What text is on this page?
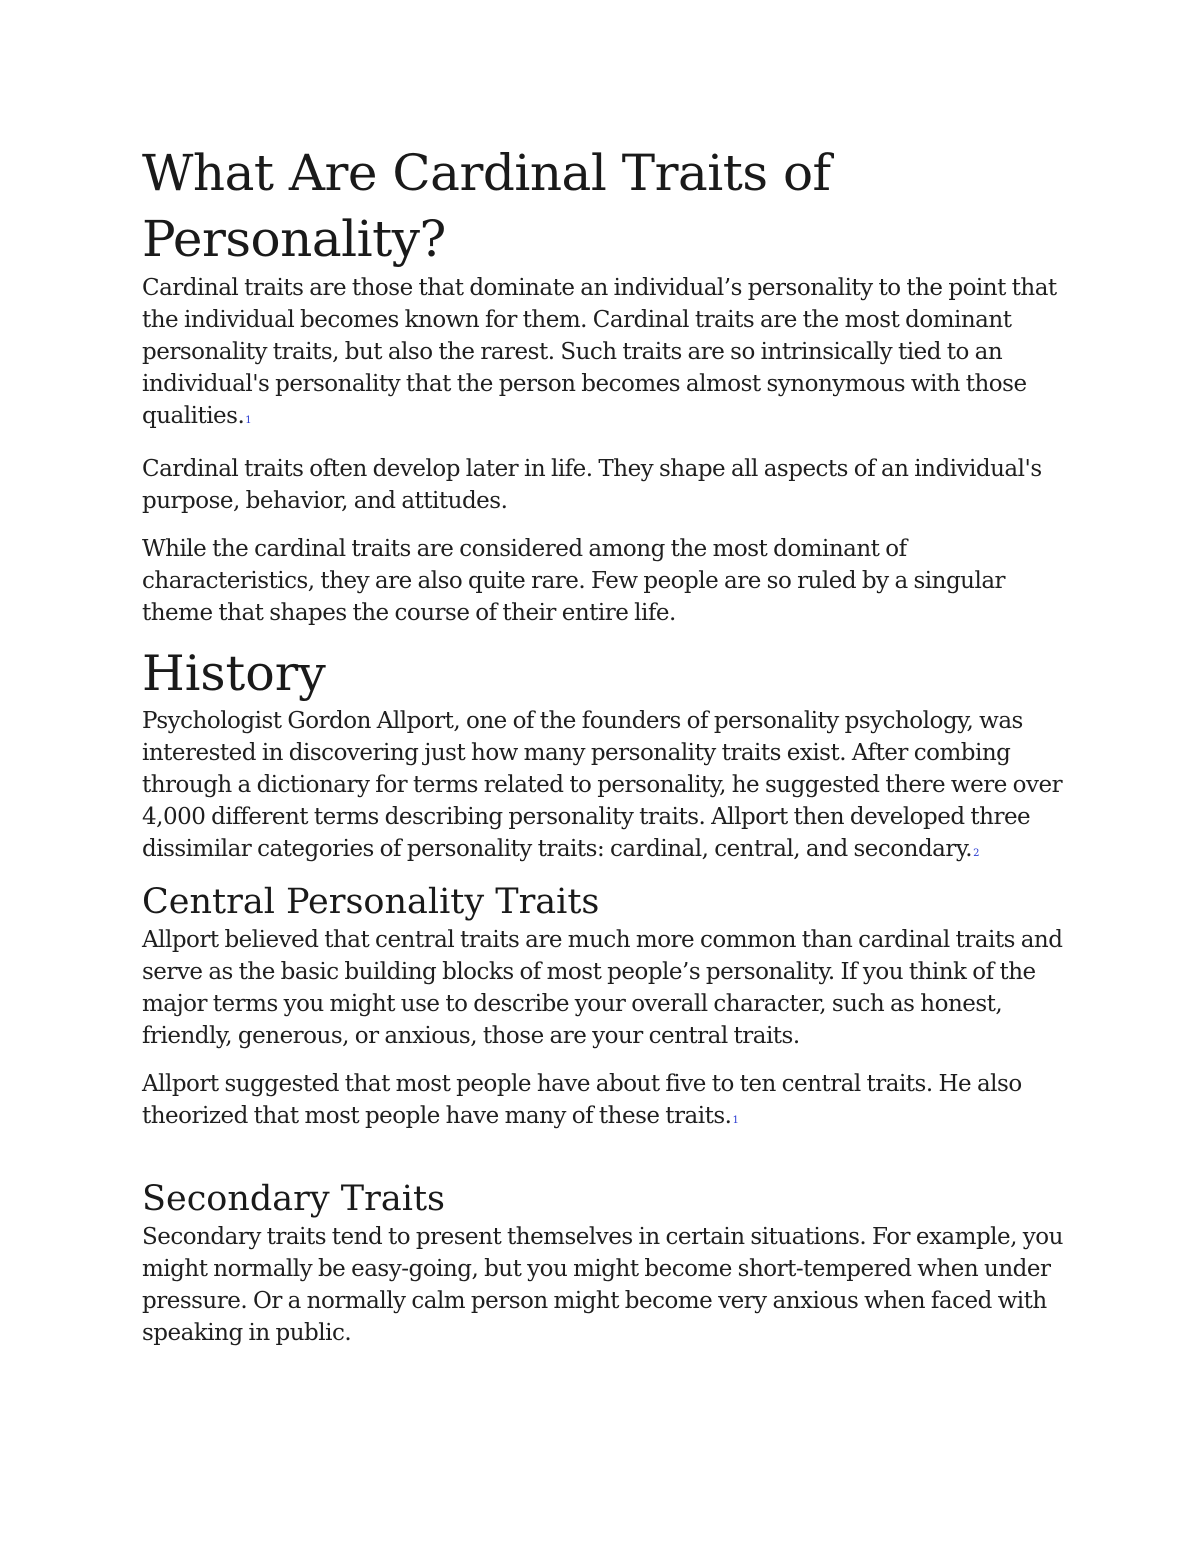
What Are Cardinal Traits of
Personality?

Cardinal traits are those that dominate an individual’s personality to the point that the individual becomes known for them. Cardinal traits are the most dominant personality traits, but also the rarest. Such traits are so intrinsically tied to an individual's personality that the person becomes almost synonymous with those qualities.1

Cardinal traits often develop later in life. They shape all aspects of an individual's purpose, behavior, and attitudes.

While the cardinal traits are considered among the most dominant of characteristics, they are also quite rare. Few people are so ruled by a singular theme that shapes the course of their entire life.

History

Psychologist Gordon Allport, one of the founders of personality psychology, was interested in discovering just how many personality traits exist. After combing through a dictionary for terms related to personality, he suggested there were over 4,000 different terms describing personality traits. Allport then developed three dissimilar categories of personality traits: cardinal, central, and secondary.2

Central Personality Traits

Allport believed that central traits are much more common than cardinal traits and serve as the basic building blocks of most people’s personality. If you think of the major terms you might use to describe your overall character, such as honest, friendly, generous, or anxious, those are your central traits.

Allport suggested that most people have about five to ten central traits. He also theorized that most people have many of these traits.1

Secondary Traits

Secondary traits tend to present themselves in certain situations. For example, you might normally be easy-going, but you might become short-tempered when under pressure. Or a normally calm person might become very anxious when faced with speaking in public.
